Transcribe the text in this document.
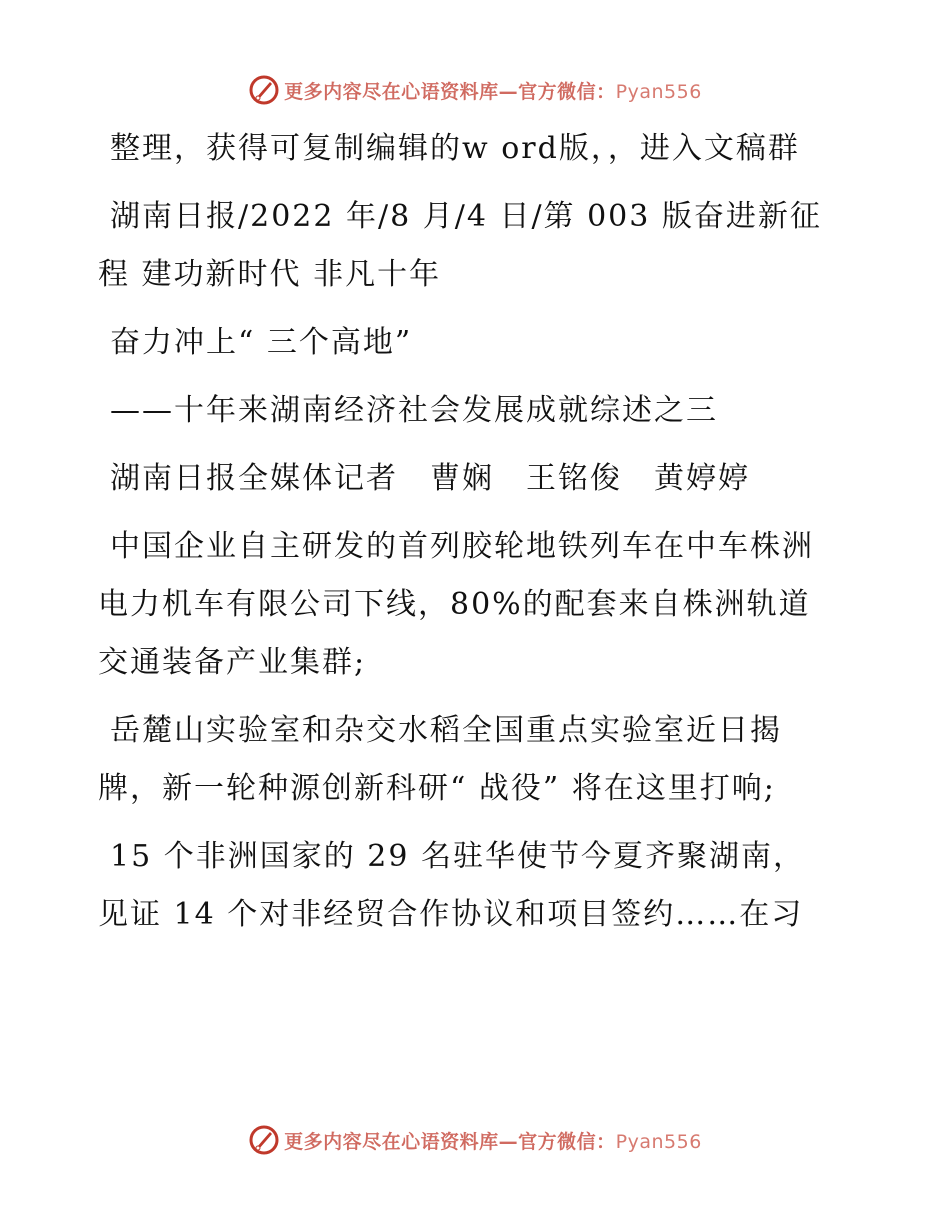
更多内容尽在心语资料库—官方微信：Pyan556

整理，获得可复制编辑的w ord版，，进入文稿群

湖南日报/2022 年/8 月/4 日/第 003 版奋进新征程 建功新时代 非凡十年

奋力冲上“ 三个高地”

——十年来湖南经济社会发展成就综述之三

湖南日报全媒体记者　曹娴　王铭俊　黄婷婷

中国企业自主研发的首列胶轮地铁列车在中车株洲电力机车有限公司下线，80%的配套来自株洲轨道交通装备产业集群;

岳麓山实验室和杂交水稻全国重点实验室近日揭牌，新一轮种源创新科研“ 战役” 将在这里打响;

15 个非洲国家的 29 名驻华使节今夏齐聚湖南，见证 14 个对非经贸合作协议和项目签约……在习

更多内容尽在心语资料库—官方微信：Pyan556
